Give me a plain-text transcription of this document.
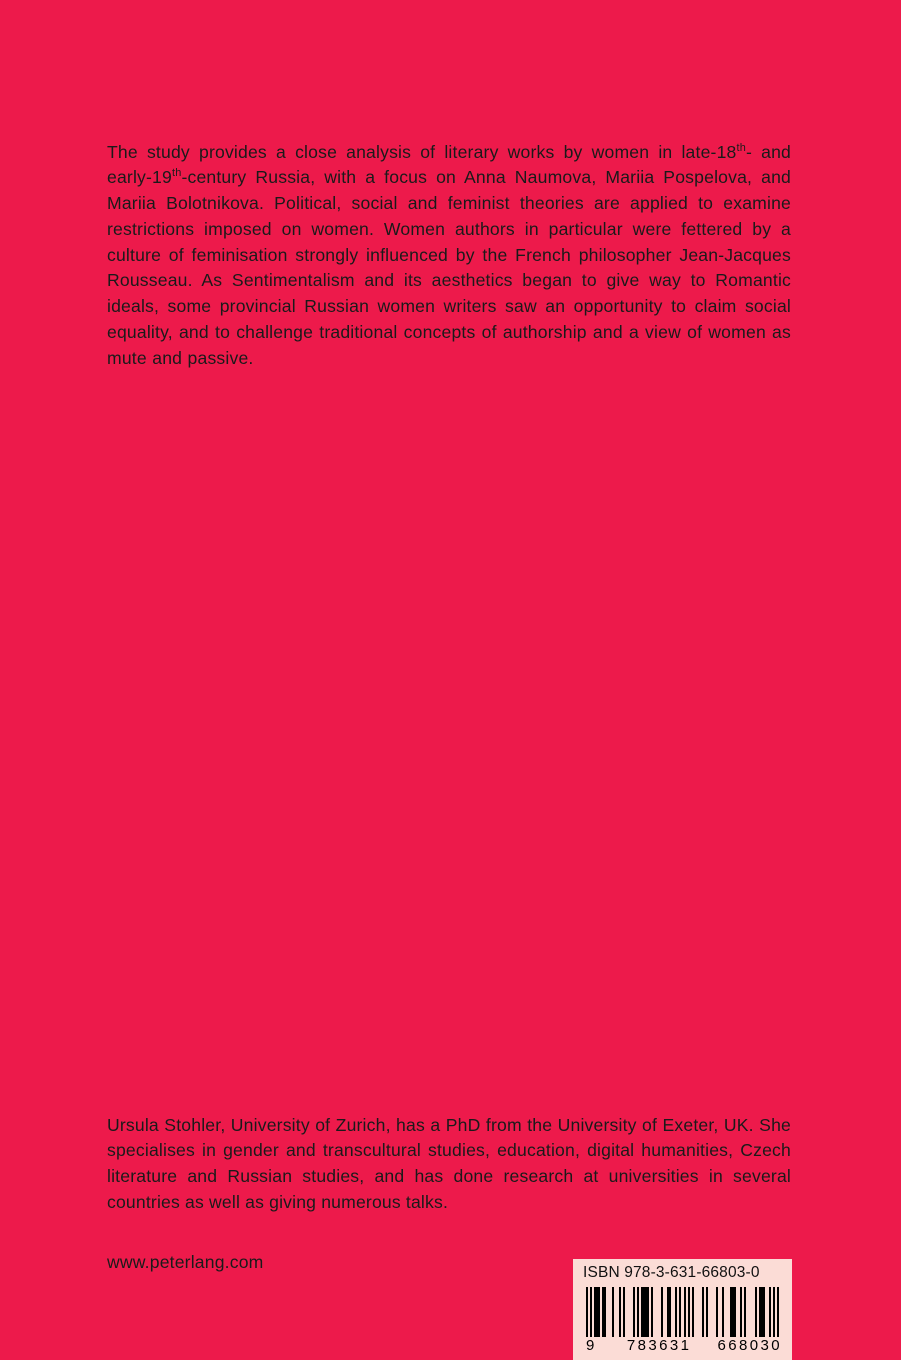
The study provides a close analysis of literary works by women in late-18th- and early-19th-century Russia, with a focus on Anna Naumova, Mariia Pospelova, and Mariia Bolotnikova. Political, social and feminist theories are applied to examine restrictions imposed on women. Women authors in particular were fettered by a culture of feminisation strongly influenced by the French philosopher Jean-Jacques Rousseau. As Sentimentalism and its aesthetics began to give way to Romantic ideals, some provincial Russian women writers saw an opportunity to claim social equality, and to challenge traditional concepts of authorship and a view of women as mute and passive.

Ursula Stohler, University of Zurich, has a PhD from the University of Exeter, UK. She specialises in gender and transcultural studies, education, digital humanities, Czech literature and Russian studies, and has done research at universities in several countries as well as giving numerous talks.

www.peterlang.com
ISBN 978-3-631-66803-0
9 783631 668030
